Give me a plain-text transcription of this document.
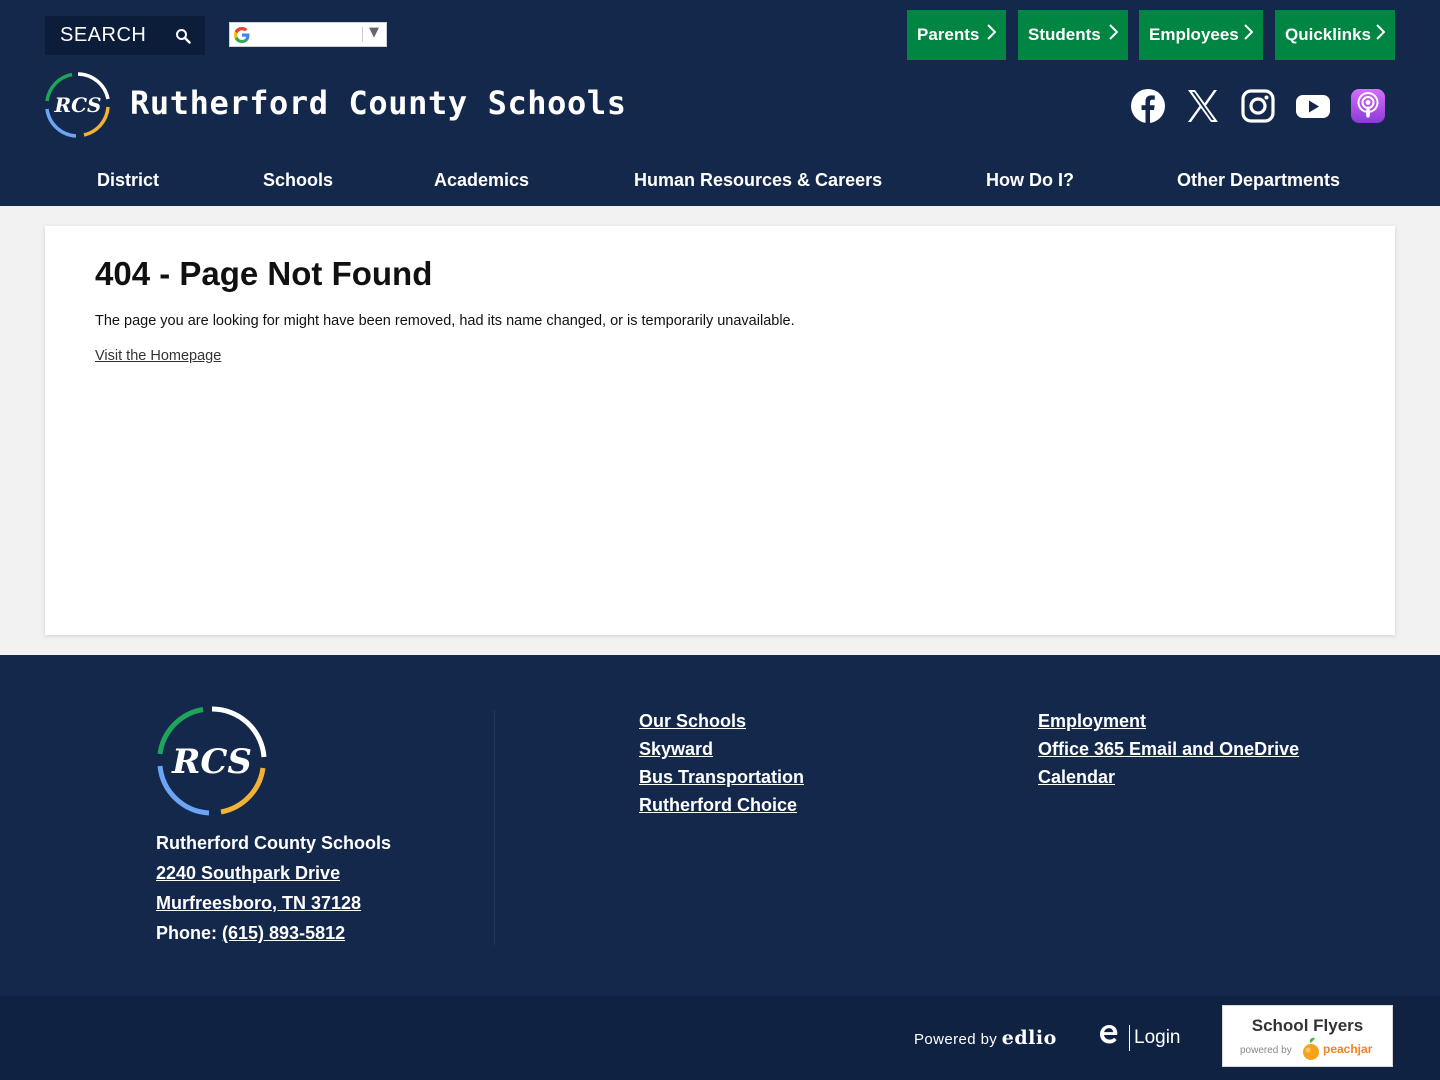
SEARCH	▼	Parents	Students	Employees	Quicklinks
RCS Rutherford County Schools
District	Schools	Academics	Human Resources & Careers	How Do I?	Other Departments
404 - Page Not Found

The page you are looking for might have been removed, had its name changed, or is temporarily unavailable.

Visit the Homepage
RCS
Rutherford County Schools
2240 Southpark Drive
Murfreesboro, TN 37128
Phone: (615) 893-5812
Our Schools
Skyward
Bus Transportation
Rutherford Choice
Employment
Office 365 Email and OneDrive
Calendar
Powered by edlio	Login
School Flyers
powered by	peachjar
